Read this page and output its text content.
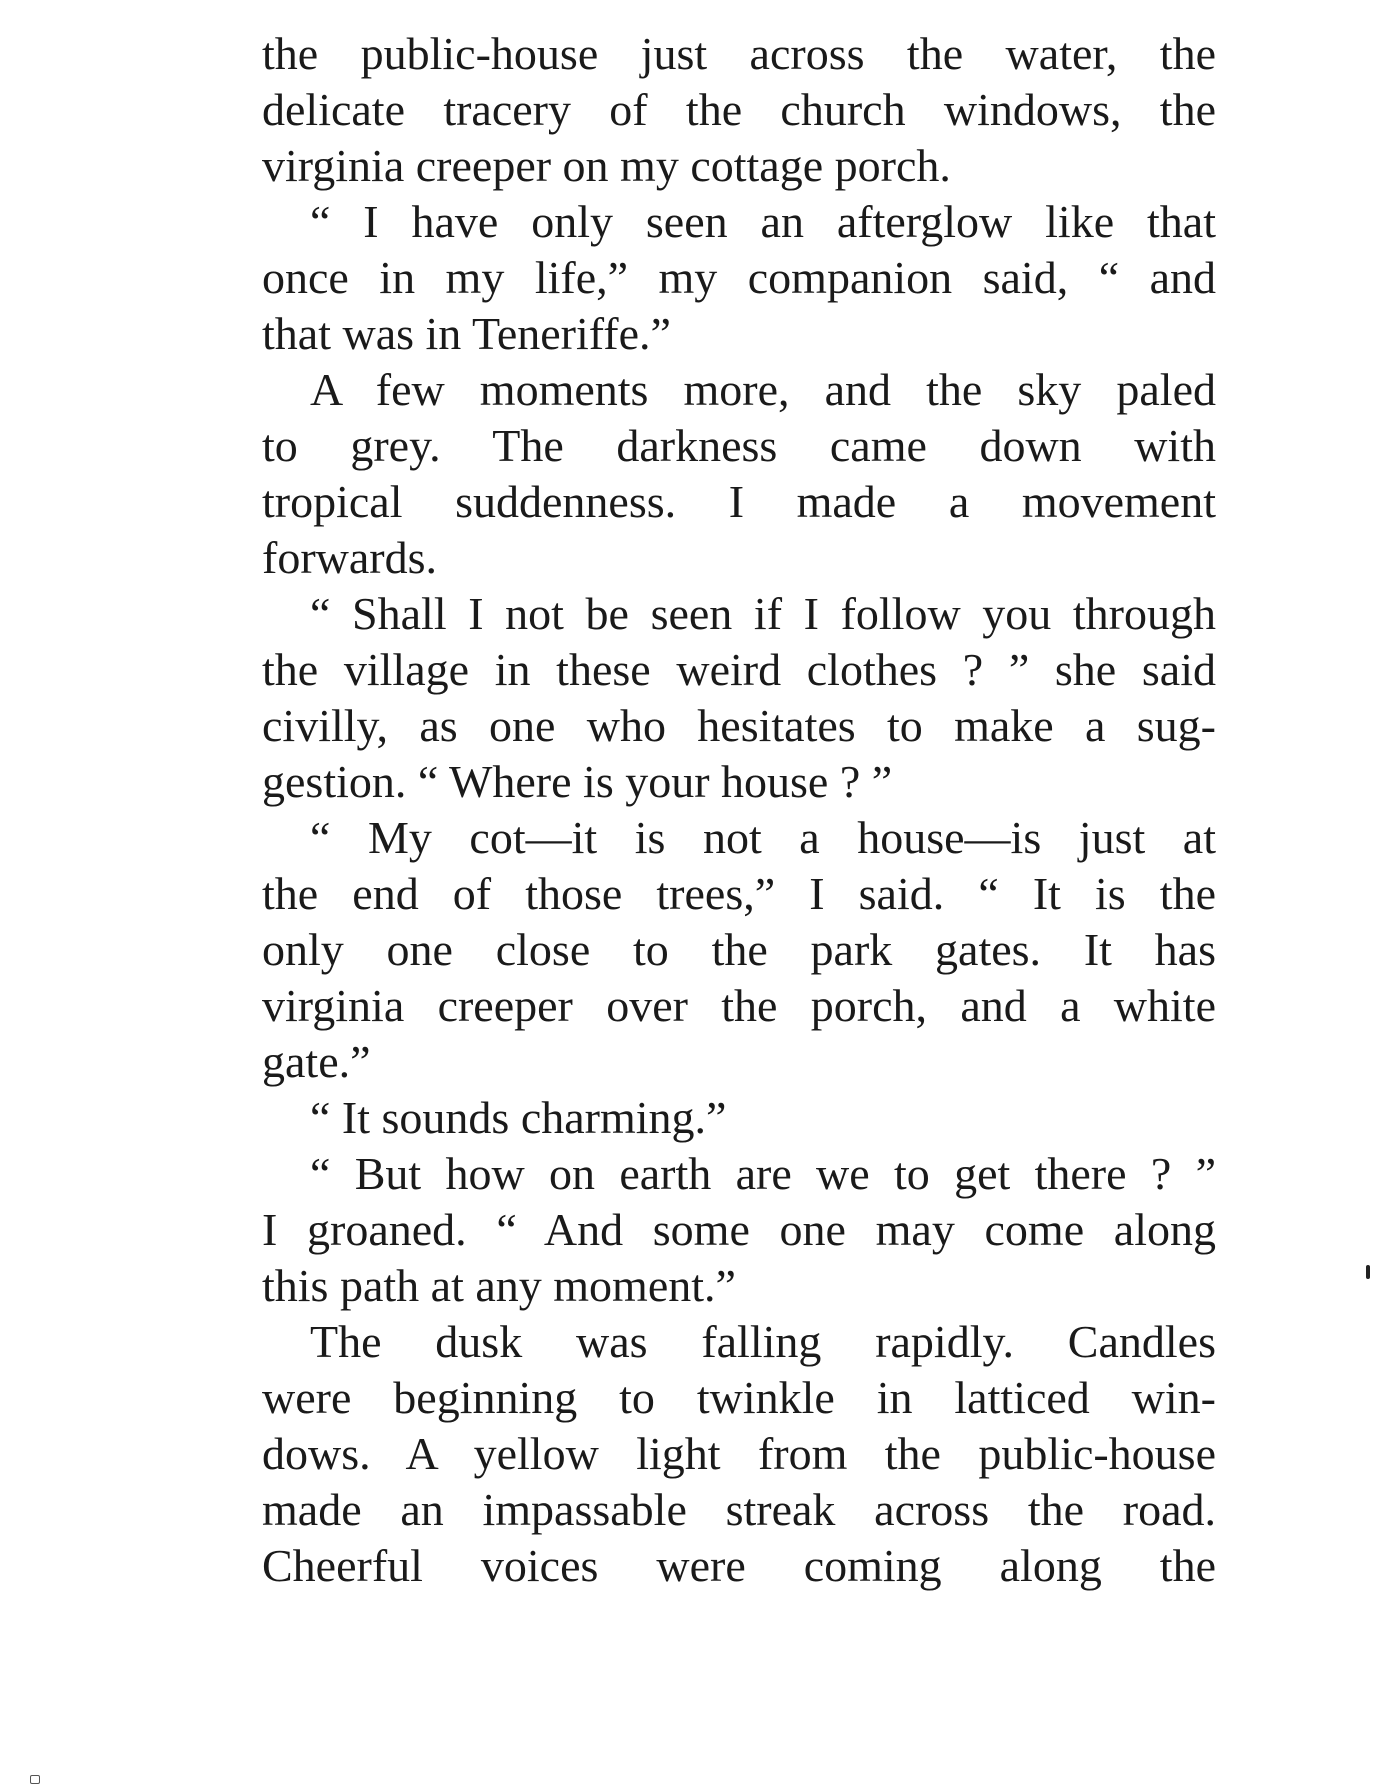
the public-house just across the water, the
delicate tracery of the church windows, the
virginia creeper on my cottage porch.
“ I have only seen an afterglow like that
once in my life,” my companion said, “ and
that was in Teneriffe.”
A few moments more, and the sky paled
to grey. The darkness came down with
tropical suddenness. I made a movement
forwards.
“ Shall I not be seen if I follow you through
the village in these weird clothes ? ” she said
civilly, as one who hesitates to make a sug-
gestion. “ Where is your house ? ”
“ My cot—it is not a house—is just at
the end of those trees,” I said. “ It is the
only one close to the park gates. It has
virginia creeper over the porch, and a white
gate.”
“ It sounds charming.”
“ But how on earth are we to get there ? ”
I groaned. “ And some one may come along
this path at any moment.”
The dusk was falling rapidly. Candles
were beginning to twinkle in latticed win-
dows. A yellow light from the public-house
made an impassable streak across the road.
Cheerful voices were coming along the
